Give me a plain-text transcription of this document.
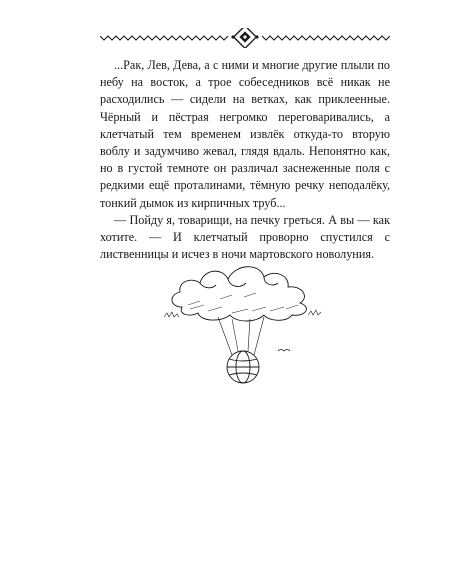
...Рак, Лев, Дева, а с ними и многие другие плыли по небу на восток, а трое собеседников всё никак не расходились — сидели на ветках, как приклеенные. Чёрный и пёстрая негромко переговаривались, а клетчатый тем временем извлёк откуда-то вторую воблу и задумчиво жевал, глядя вдаль. Непонятно как, но в густой темноте он различал заснеженные поля с редкими ещё проталинами, тёмную речку неподалёку, тонкий дымок из кирпичных труб...

— Пойду я, товарищи, на печку греться. А вы — как хотите. — И клетчатый проворно спустился с лиственницы и исчез в ночи мартовского новолуния.
